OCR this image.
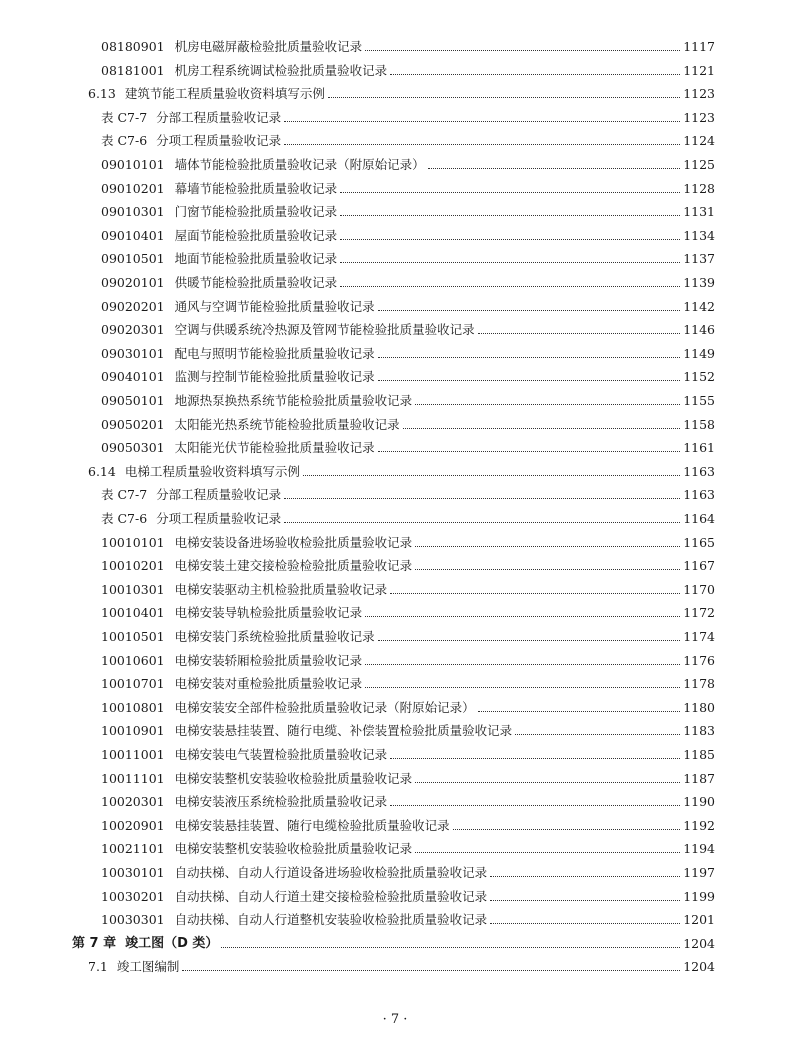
08180901 机房电磁屏蔽检验批质量验收记录	1117
08181001 机房工程系统调试检验批质量验收记录	1121
6.13 建筑节能工程质量验收资料填写示例	1123
表 C7-7 分部工程质量验收记录	1123
表 C7-6 分项工程质量验收记录	1124
09010101 墙体节能检验批质量验收记录（附原始记录）	1125
09010201 幕墙节能检验批质量验收记录	1128
09010301 门窗节能检验批质量验收记录	1131
09010401 屋面节能检验批质量验收记录	1134
09010501 地面节能检验批质量验收记录	1137
09020101 供暖节能检验批质量验收记录	1139
09020201 通风与空调节能检验批质量验收记录	1142
09020301 空调与供暖系统冷热源及管网节能检验批质量验收记录	1146
09030101 配电与照明节能检验批质量验收记录	1149
09040101 监测与控制节能检验批质量验收记录	1152
09050101 地源热泵换热系统节能检验批质量验收记录	1155
09050201 太阳能光热系统节能检验批质量验收记录	1158
09050301 太阳能光伏节能检验批质量验收记录	1161
6.14 电梯工程质量验收资料填写示例	1163
表 C7-7 分部工程质量验收记录	1163
表 C7-6 分项工程质量验收记录	1164
10010101 电梯安装设备进场验收检验批质量验收记录	1165
10010201 电梯安装土建交接检验检验批质量验收记录	1167
10010301 电梯安装驱动主机检验批质量验收记录	1170
10010401 电梯安装导轨检验批质量验收记录	1172
10010501 电梯安装门系统检验批质量验收记录	1174
10010601 电梯安装轿厢检验批质量验收记录	1176
10010701 电梯安装对重检验批质量验收记录	1178
10010801 电梯安装安全部件检验批质量验收记录（附原始记录）	1180
10010901 电梯安装悬挂装置、随行电缆、补偿装置检验批质量验收记录	1183
10011001 电梯安装电气装置检验批质量验收记录	1185
10011101 电梯安装整机安装验收检验批质量验收记录	1187
10020301 电梯安装液压系统检验批质量验收记录	1190
10020901 电梯安装悬挂装置、随行电缆检验批质量验收记录	1192
10021101 电梯安装整机安装验收检验批质量验收记录	1194
10030101 自动扶梯、自动人行道设备进场验收检验批质量验收记录	1197
10030201 自动扶梯、自动人行道土建交接检验检验批质量验收记录	1199
10030301 自动扶梯、自动人行道整机安装验收检验批质量验收记录	1201
第 7 章 竣工图（D 类）	1204
7.1 竣工图编制	1204
· 7 ·
